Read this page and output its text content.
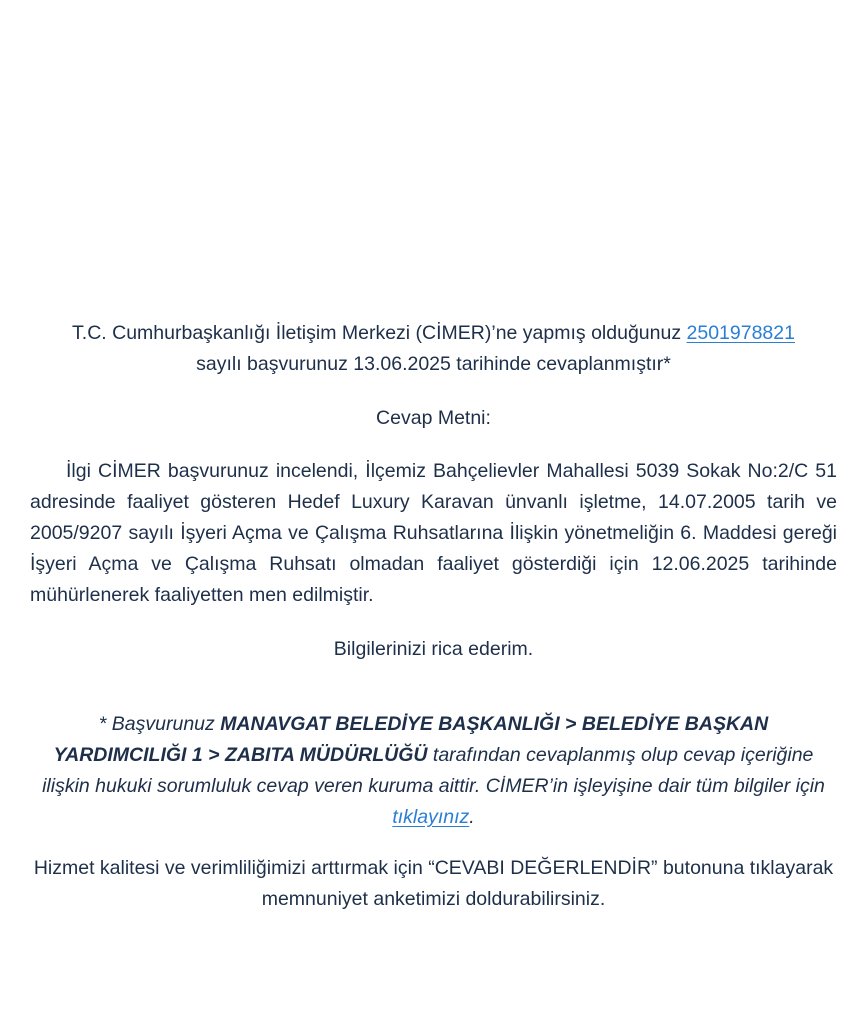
T.C. Cumhurbaşkanlığı İletişim Merkezi (CİMER)’ne yapmış olduğunuz 2501978821
sayılı başvurunuz 13.06.2025 tarihinde cevaplanmıştır*

Cevap Metni:

İlgi CİMER başvurunuz incelendi, İlçemiz Bahçelievler Mahallesi 5039 Sokak No:2/C 51 adresinde faaliyet gösteren Hedef Luxury Karavan ünvanlı işletme, 14.07.2005 tarih ve 2005/9207 sayılı İşyeri Açma ve Çalışma Ruhsatlarına İlişkin yönetmeliğin 6. Maddesi gereği İşyeri Açma ve Çalışma Ruhsatı olmadan faaliyet gösterdiği için 12.06.2025 tarihinde mühürlenerek faaliyetten men edilmiştir.

Bilgilerinizi rica ederim.

* Başvurunuz MANAVGAT BELEDİYE BAŞKANLIĞI > BELEDİYE BAŞKAN YARDIMCILIĞI 1 > ZABITA MÜDÜRLÜĞÜ tarafından cevaplanmış olup cevap içeriğine ilişkin hukuki sorumluluk cevap veren kuruma aittir. CİMER’in işleyişine dair tüm bilgiler için tıklayınız.

Hizmet kalitesi ve verimliliğimizi arttırmak için “CEVABI DEĞERLENDİR” butonuna tıklayarak memnuniyet anketimizi doldurabilirsiniz.
